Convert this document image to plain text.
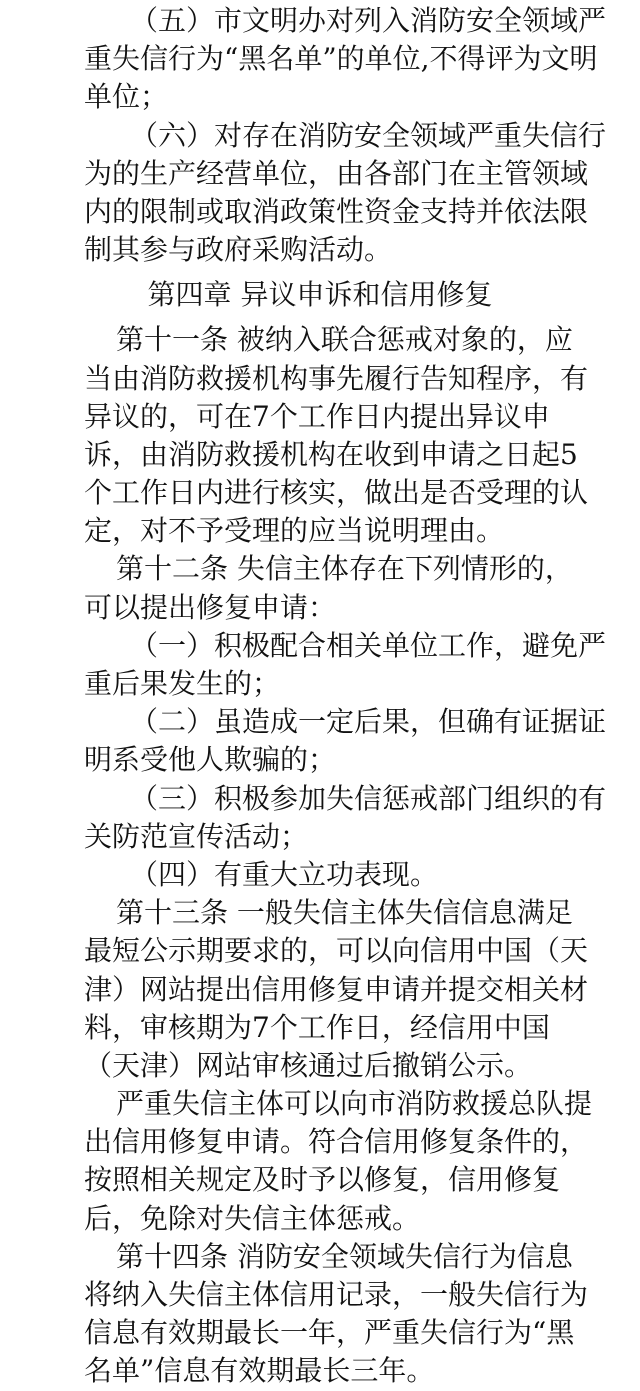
（五）市文明办对列入消防安全领域严
重失信行为“黑名单”的单位,不得评为文明
单位；
（六）对存在消防安全领域严重失信行
为的生产经营单位，由各部门在主管领域
内的限制或取消政策性资金支持并依法限
制其参与政府采购活动。
第四章 异议申诉和信用修复
第十一条 被纳入联合惩戒对象的，应
当由消防救援机构事先履行告知程序，有
异议的，可在7个工作日内提出异议申
诉，由消防救援机构在收到申请之日起5
个工作日内进行核实，做出是否受理的认
定，对不予受理的应当说明理由。
第十二条 失信主体存在下列情形的，
可以提出修复申请：
（一）积极配合相关单位工作，避免严
重后果发生的；
（二）虽造成一定后果，但确有证据证
明系受他人欺骗的；
（三）积极参加失信惩戒部门组织的有
关防范宣传活动；
（四）有重大立功表现。
第十三条 一般失信主体失信信息满足
最短公示期要求的，可以向信用中国（天
津）网站提出信用修复申请并提交相关材
料，审核期为7个工作日，经信用中国
（天津）网站审核通过后撤销公示。
严重失信主体可以向市消防救援总队提
出信用修复申请。符合信用修复条件的，
按照相关规定及时予以修复，信用修复
后，免除对失信主体惩戒。
第十四条 消防安全领域失信行为信息
将纳入失信主体信用记录，一般失信行为
信息有效期最长一年，严重失信行为“黑
名单”信息有效期最长三年。
